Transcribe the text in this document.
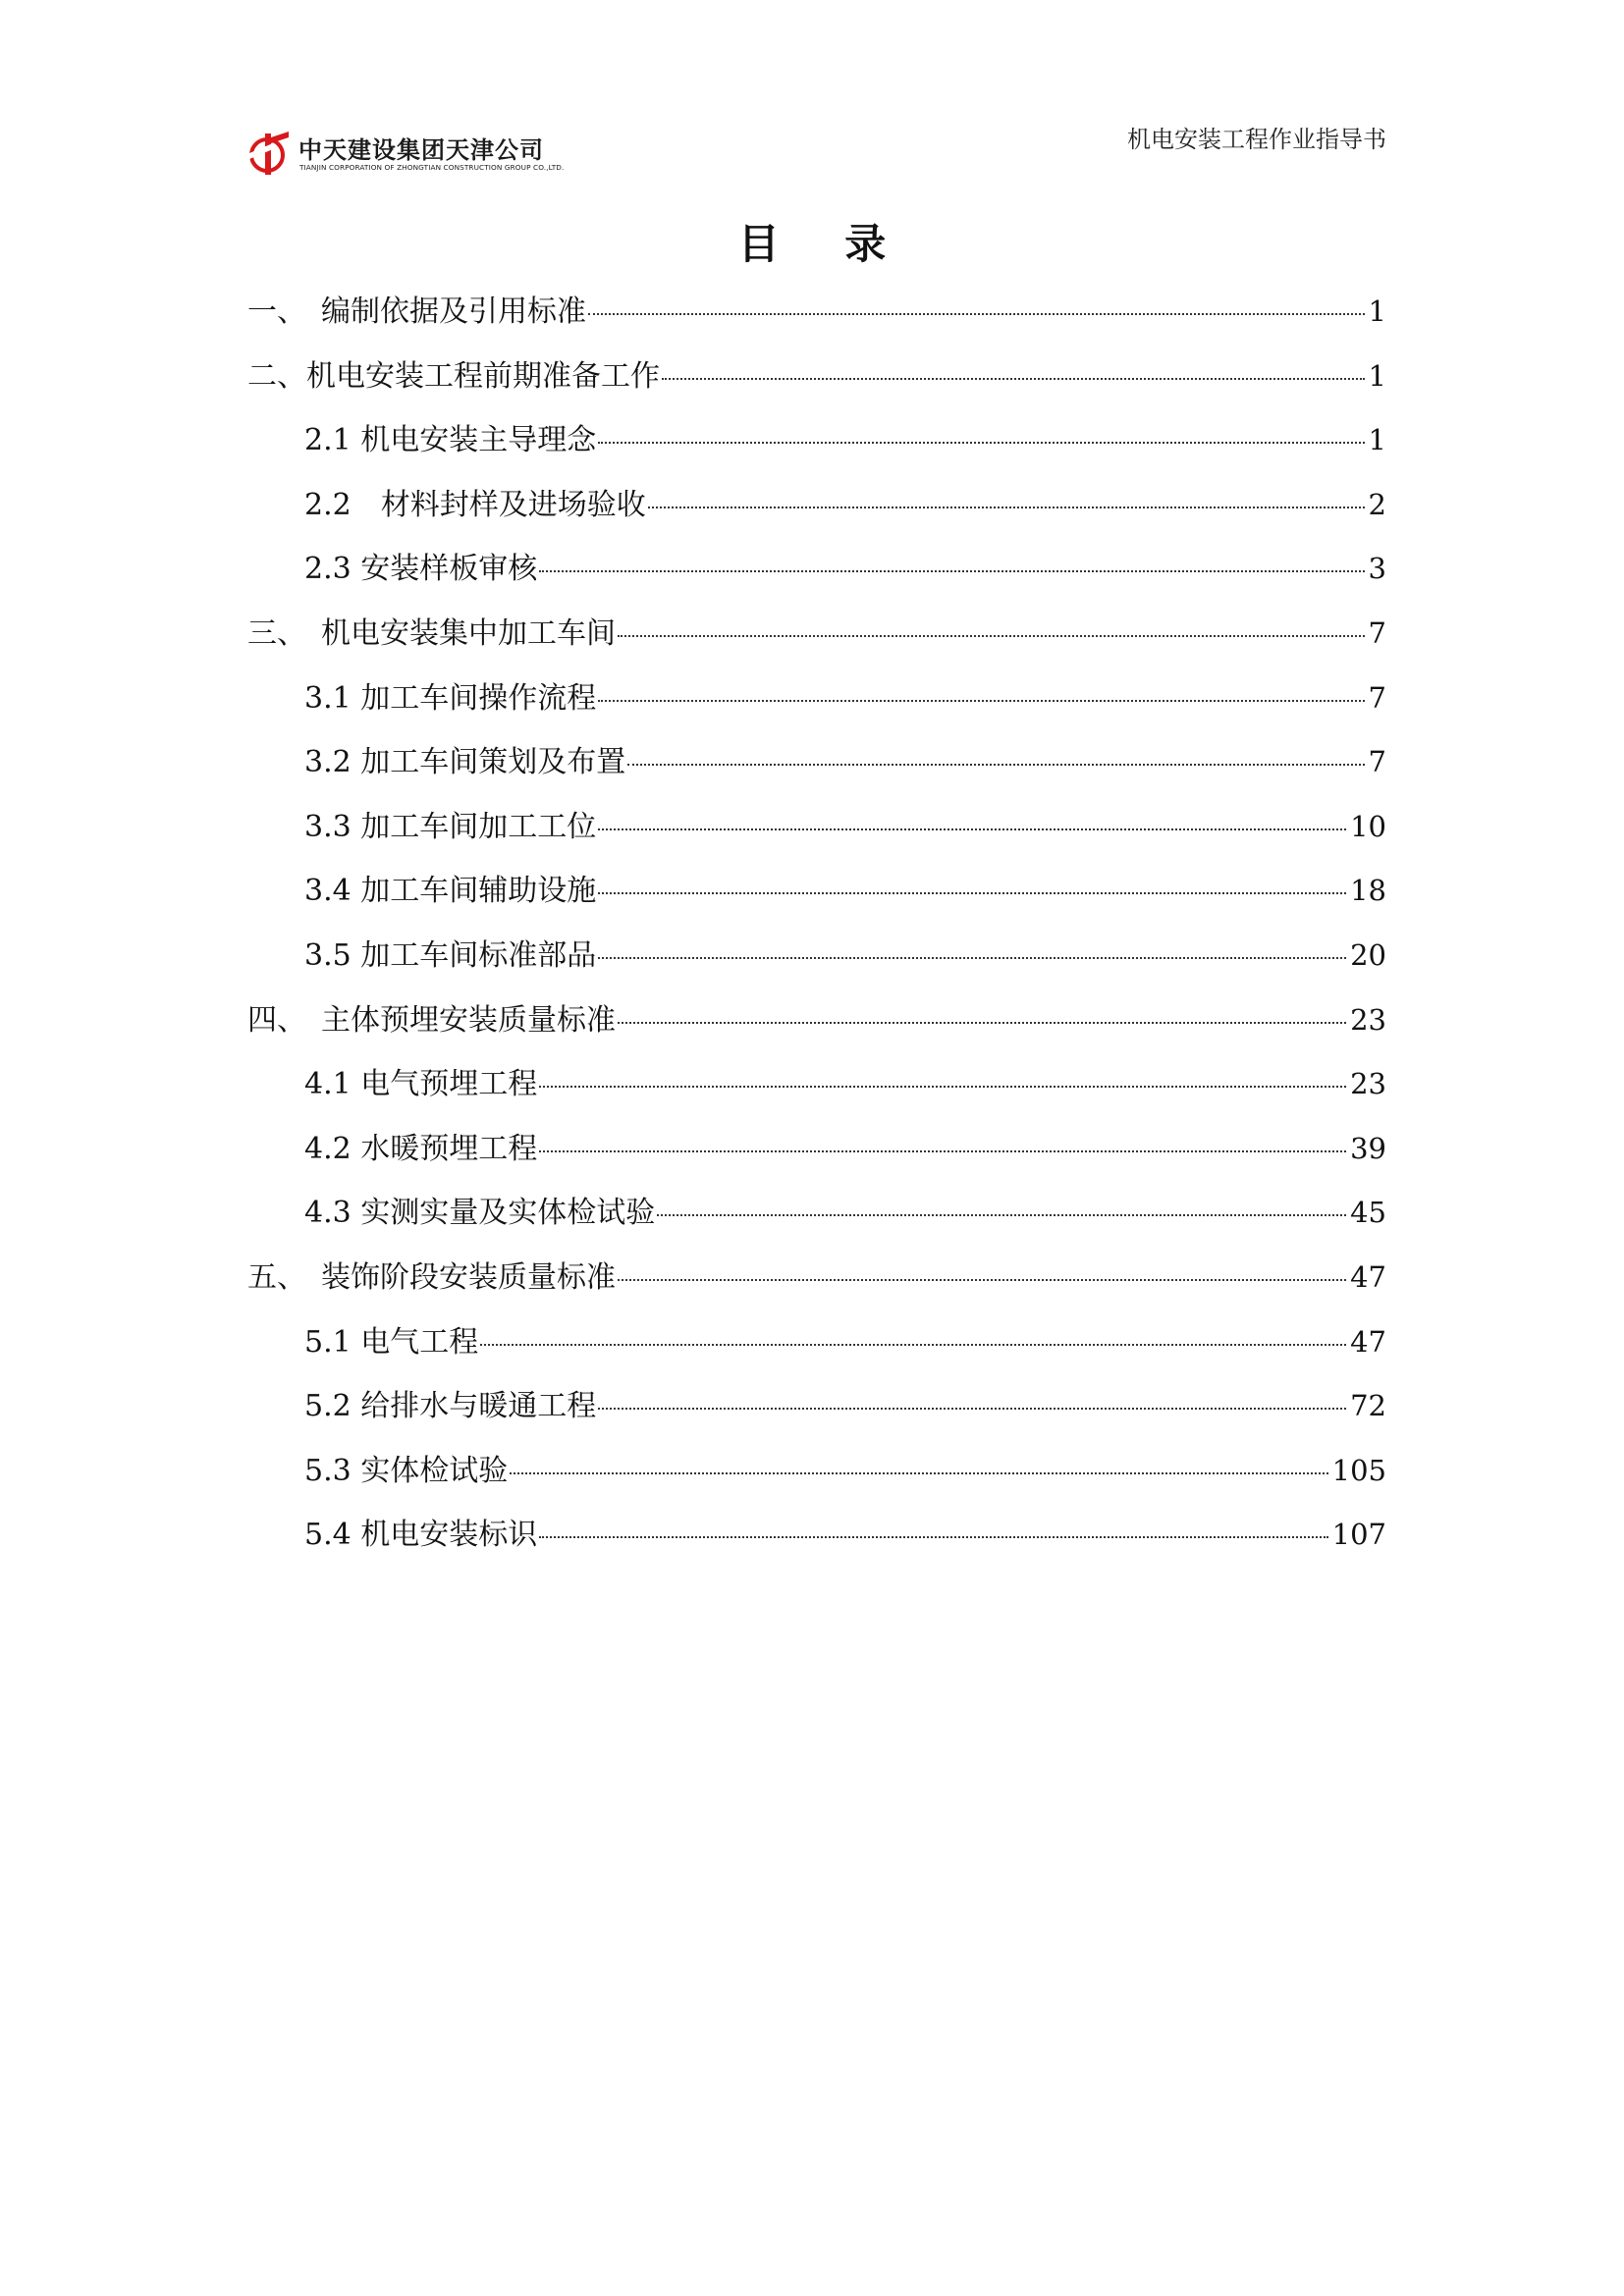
中天建设集团天津公司
TIANJIN CORPORATION OF ZHONGTIAN CONSTRUCTION GROUP CO.,LTD.
机电安装工程作业指导书
目 录
一、　编制依据及引用标准	1
二、机电安装工程前期准备工作	1
2.1 机电安装主导理念	1
2.2　材料封样及进场验收	2
2.3 安装样板审核	3
三、　机电安装集中加工车间	7
3.1 加工车间操作流程	7
3.2 加工车间策划及布置	7
3.3 加工车间加工工位	10
3.4 加工车间辅助设施	18
3.5 加工车间标准部品	20
四、　主体预埋安装质量标准	23
4.1 电气预埋工程	23
4.2 水暖预埋工程	39
4.3 实测实量及实体检试验	45
五、　装饰阶段安装质量标准	47
5.1 电气工程	47
5.2 给排水与暖通工程	72
5.3 实体检试验	105
5.4 机电安装标识	107
